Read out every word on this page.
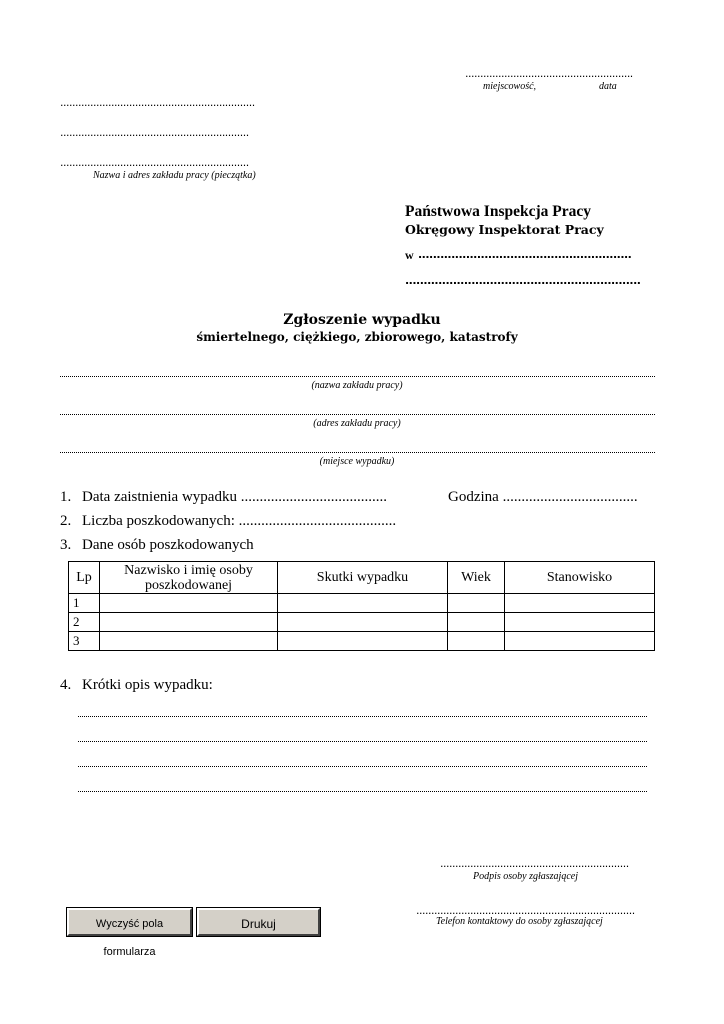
........................................................
miejscowość,	data
.................................................................
...............................................................
...............................................................
Nazwa i adres zakładu pracy (pieczątka)
Państwowa Inspekcja Pracy
Okręgowy Inspektorat Pracy
w ..........................................................
................................................................
Zgłoszenie wypadku
śmiertelnego, ciężkiego, zbiorowego, katastrofy
(nazwa zakładu pracy)
(adres zakładu pracy)
(miejsce wypadku)
1. Data zaistnienia wypadku .......................................	Godzina ....................................
2. Liczba poszkodowanych: ..........................................
3. Dane osób poszkodowanych
Lp	Nazwisko i imię osoby poszkodowanej	Skutki wypadku	Wiek	Stanowisko
1				
2				
3				
4. Krótki opis wypadku:
...............................................................
Podpis osoby zgłaszającej
.........................................................................
Telefon kontaktowy do osoby zgłaszającej
Wyczyść pola formularza
Drukuj
